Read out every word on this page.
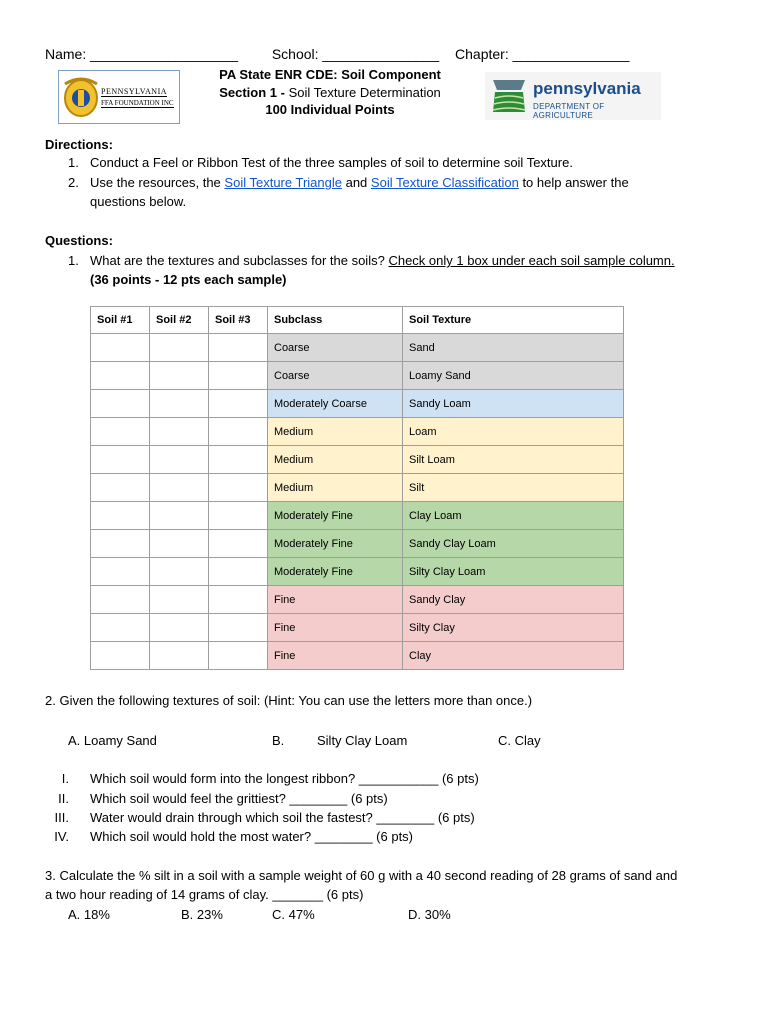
Name: ___________________ School: _______________ Chapter: _______________
PENNSYLVANIA
FFA FOUNDATION INC
PA State ENR CDE: Soil Component
Section 1 - Soil Texture Determination
100 Individual Points
pennsylvania
DEPARTMENT OF AGRICULTURE
Directions:
1. Conduct a Feel or Ribbon Test of the three samples of soil to determine soil Texture.
2. Use the resources, the Soil Texture Triangle and Soil Texture Classification to help answer the
questions below.
Questions:
1. What are the textures and subclasses for the soils? Check only 1 box under each soil sample column.
(36 points - 12 pts each sample)
Soil #1	Soil #2	Soil #3	Subclass	Soil Texture
			Coarse	Sand
			Coarse	Loamy Sand
			Moderately Coarse	Sandy Loam
			Medium	Loam
			Medium	Silt Loam
			Medium	Silt
			Moderately Fine	Clay Loam
			Moderately Fine	Sandy Clay Loam
			Moderately Fine	Silty Clay Loam
			Fine	Sandy Clay
			Fine	Silty Clay
			Fine	Clay
2. Given the following textures of soil: (Hint: You can use the letters more than once.)
A. Loamy Sand	B.	Silty Clay Loam	C. Clay
I. Which soil would form into the longest ribbon? ___________ (6 pts)
II. Which soil would feel the grittiest? ________ (6 pts)
III. Water would drain through which soil the fastest? ________ (6 pts)
IV. Which soil would hold the most water? ________ (6 pts)
3. Calculate the % silt in a soil with a sample weight of 60 g with a 40 second reading of 28 grams of sand and
a two hour reading of 14 grams of clay. _______ (6 pts)
A. 18%	B. 23%	C. 47%	D. 30%
